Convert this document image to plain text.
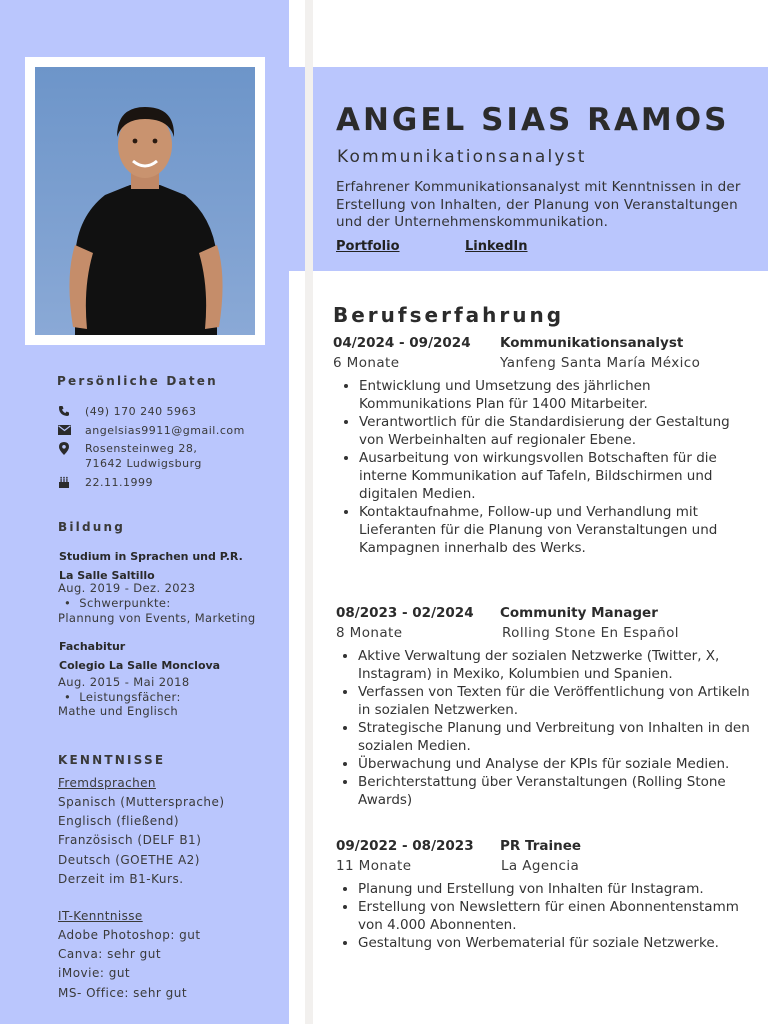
Persönliche Daten
(49) 170 240 5963
angelsias9911@gmail.com
Rosensteinweg 28,
71642 Ludwigsburg
22.11.1999
Bildung
Studium in Sprachen und P.R.
La Salle Saltillo
Aug. 2019 - Dez. 2023
•  Schwerpunkte:
Plannung von Events, Marketing
Fachabitur
Colegio La Salle Monclova
Aug. 2015 - Mai 2018
•  Leistungsfächer:
Mathe und Englisch
KENNTNISSE
Fremdsprachen
Spanisch (Muttersprache)
Englisch (fließend)
Französisch (DELF B1)
Deutsch (GOETHE A2)
Derzeit im B1-Kurs.
IT-Kenntnisse
Adobe Photoshop: gut
Canva: sehr gut
iMovie: gut
MS- Office: sehr gut
ANGEL SIAS RAMOS
Kommunikationsanalyst
Erfahrener Kommunikationsanalyst mit Kenntnissen in der Erstellung von Inhalten, der Planung von Veranstaltungen und der Unternehmenskommunikation.
Portfolio	LinkedIn
Berufserfahrung
04/2024 - 09/2024	Kommunikationsanalyst
6 Monate	Yanfeng Santa María México
• Entwicklung und Umsetzung des jährlichen Kommunikations Plan für 1400 Mitarbeiter.
• Verantwortlich für die Standardisierung der Gestaltung von Werbeinhalten auf regionaler Ebene.
• Ausarbeitung von wirkungsvollen Botschaften für die interne Kommunikation auf Tafeln, Bildschirmen und digitalen Medien.
• Kontaktaufnahme, Follow-up und Verhandlung mit Lieferanten für die Planung von Veranstaltungen und Kampagnen innerhalb des Werks.
08/2023 - 02/2024	Community Manager
8 Monate	Rolling Stone En Español
• Aktive Verwaltung der sozialen Netzwerke (Twitter, X, Instagram) in Mexiko, Kolumbien und Spanien.
• Verfassen von Texten für die Veröffentlichung von Artikeln in sozialen Netzwerken.
• Strategische Planung und Verbreitung von Inhalten in den sozialen Medien.
• Überwachung und Analyse der KPIs für soziale Medien.
• Berichterstattung über Veranstaltungen (Rolling Stone Awards)
09/2022 - 08/2023	PR Trainee
11 Monate	La Agencia
• Planung und Erstellung von Inhalten für Instagram.
• Erstellung von Newslettern für einen Abonnentenstamm von 4.000 Abonnenten.
• Gestaltung von Werbematerial für soziale Netzwerke.
